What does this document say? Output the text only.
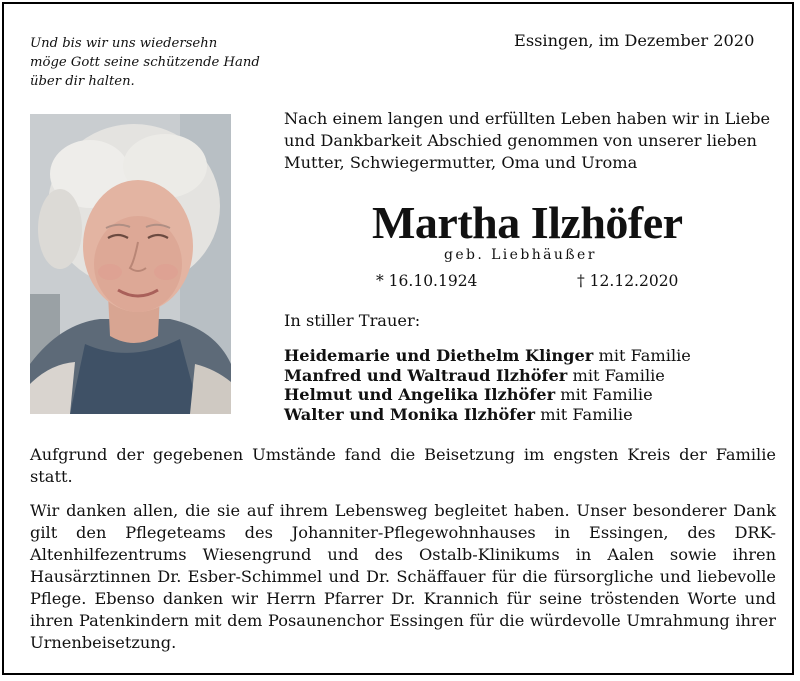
Und bis wir uns wiedersehn
möge Gott seine schützende Hand
über dir halten.
Essingen, im Dezember 2020
Nach einem langen und erfüllten Leben haben wir in Liebe
und Dankbarkeit Abschied genommen von unserer lieben
Mutter, Schwiegermutter, Oma und Uroma
Martha Ilzhöfer
geb. Liebhäußer
* 16.10.1924	† 12.12.2020
In stiller Trauer:
Heidemarie und Diethelm Klinger mit Familie
Manfred und Waltraud Ilzhöfer mit Familie
Helmut und Angelika Ilzhöfer mit Familie
Walter und Monika Ilzhöfer mit Familie
Aufgrund der gegebenen Umstände fand die Beisetzung im engsten Kreis der Familie statt.
Wir danken allen, die sie auf ihrem Lebensweg begleitet haben. Unser besonderer Dank gilt den Pflegeteams des Johanniter-Pflegewohnhauses in Essingen, des DRK-Altenhilfezentrums Wiesengrund und des Ostalb-Klinikums in Aalen sowie ihren Hausärztinnen Dr. Esber-Schimmel und Dr. Schäffauer für die fürsorgliche und liebevolle Pflege. Ebenso danken wir Herrn Pfarrer Dr. Krannich für seine tröstenden Worte und ihren Patenkindern mit dem Posaunenchor Essingen für die würdevolle Umrahmung ihrer Urnenbeisetzung.
